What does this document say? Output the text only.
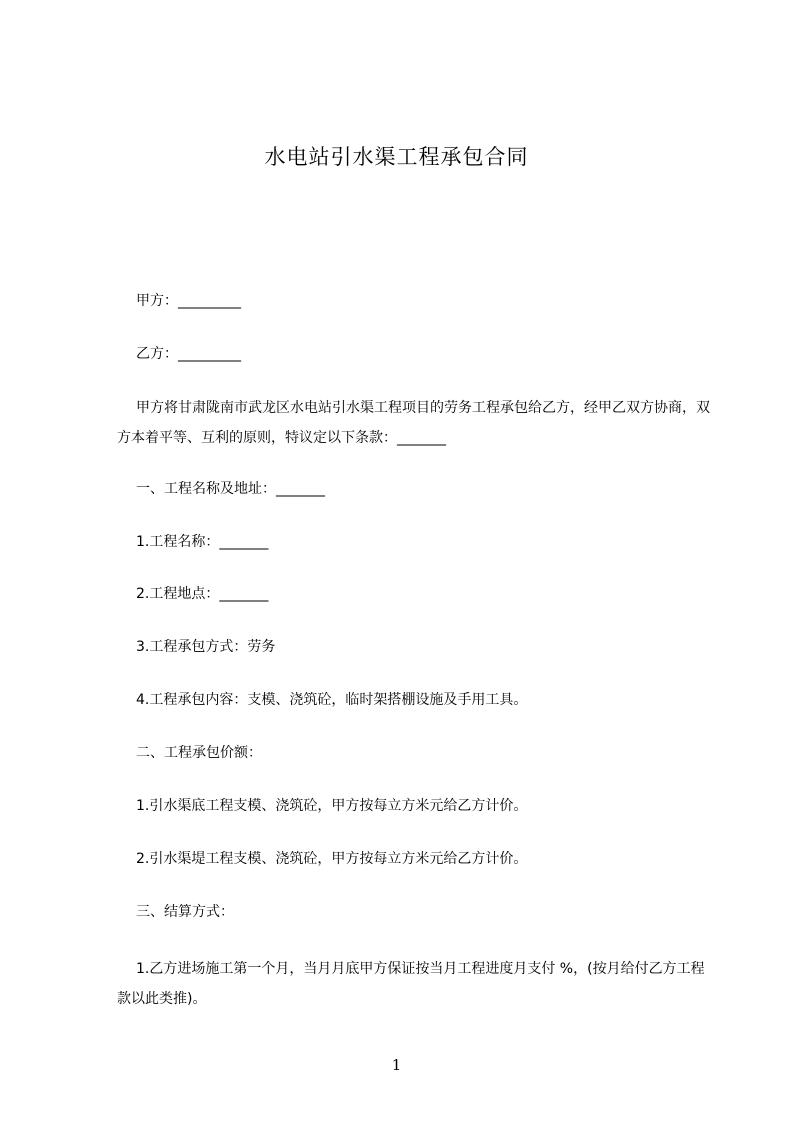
水电站引水渠工程承包合同
甲方：_________
乙方：_________
甲方将甘肃陇南市武龙区水电站引水渠工程项目的劳务工程承包给乙方，经甲乙双方协商，双方本着平等、互利的原则，特议定以下条款：_______
一、工程名称及地址：_______
1.工程名称：_______
2.工程地点：_______
3.工程承包方式：劳务
4.工程承包内容：支模、浇筑砼，临时架搭棚设施及手用工具。
二、工程承包价额：
1.引水渠底工程支模、浇筑砼，甲方按每立方米元给乙方计价。
2.引水渠堤工程支模、浇筑砼，甲方按每立方米元给乙方计价。
三、结算方式：
1.乙方进场施工第一个月，当月月底甲方保证按当月工程进度月支付 %，(按月给付乙方工程款以此类推)。
1
